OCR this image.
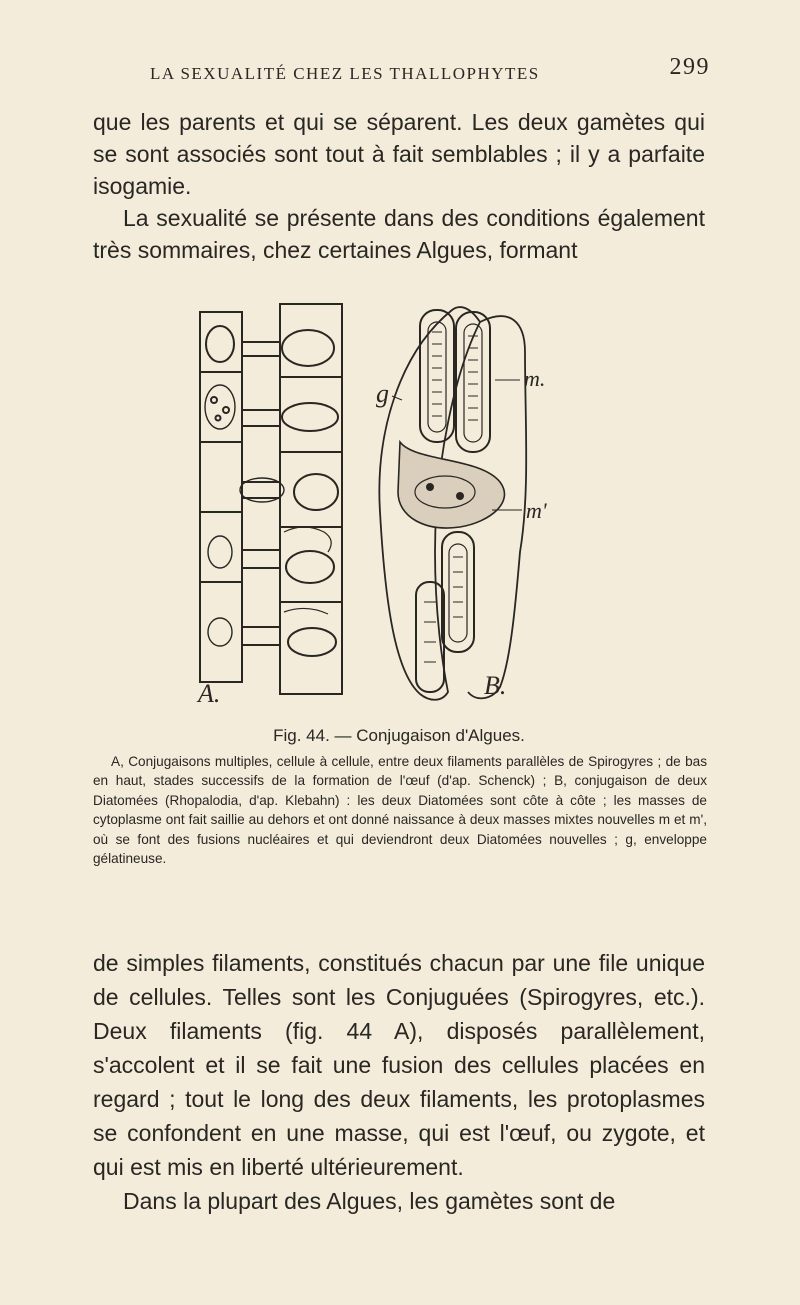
LA SEXUALITÉ CHEZ LES THALLOPHYTES	299

que les parents et qui se séparent. Les deux gamètes qui se sont associés sont tout à fait semblables ; il y a parfaite isogamie.

La sexualité se présente dans des conditions également très sommaires, chez certaines Algues, formant

A.	B.
g
m.
m'
Fig. 44. — Conjugaison d'Algues.

A, Conjugaisons multiples, cellule à cellule, entre deux filaments parallèles de Spirogyres ; de bas en haut, stades successifs de la formation de l'œuf (d'ap. Schenck) ; B, conjugaison de deux Diatomées (Rhopalodia, d'ap. Klebahn) : les deux Diatomées sont côte à côte ; les masses de cytoplasme ont fait saillie au dehors et ont donné naissance à deux masses mixtes nouvelles m et m', où se font des fusions nucléaires et qui deviendront deux Diatomées nouvelles ; g, enveloppe gélatineuse.

de simples filaments, constitués chacun par une file unique de cellules. Telles sont les Conjuguées (Spirogyres, etc.). Deux filaments (fig. 44 A), disposés parallèlement, s'accolent et il se fait une fusion des cellules placées en regard ; tout le long des deux filaments, les protoplasmes se confondent en une masse, qui est l'œuf, ou zygote, et qui est mis en liberté ultérieurement.

Dans la plupart des Algues, les gamètes sont de
